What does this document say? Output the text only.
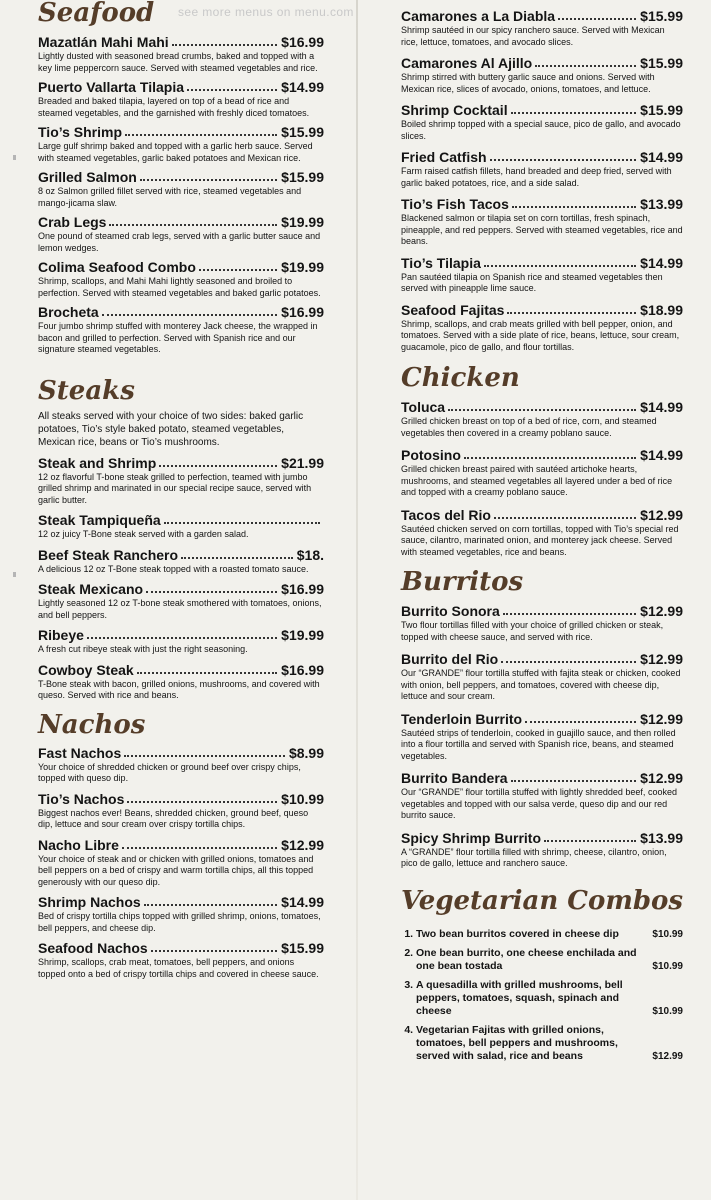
see more menus on menu.com
Seafood
Mazatlán Mahi Mahi	$16.99
Lightly dusted with seasoned bread crumbs, baked and topped with a key lime peppercorn sauce. Served with steamed vegetables and rice.
Puerto Vallarta Tilapia	$14.99
Breaded and baked tilapia, layered on top of a bead of rice and steamed vegetables, and the garnished with freshly diced tomatoes.
Tio’s Shrimp	$15.99
Large gulf shrimp baked and topped with a garlic herb sauce. Served with steamed vegetables, garlic baked potatoes and Mexican rice.
Grilled Salmon	$15.99
8 oz Salmon grilled fillet served with rice, steamed vegetables and mango-jicama slaw.
Crab Legs	$19.99
One pound of steamed crab legs, served with a garlic butter sauce and lemon wedges.
Colima Seafood Combo	$19.99
Shrimp, scallops, and Mahi Mahi lightly seasoned and broiled to perfection. Served with steamed vegetables and baked garlic potatoes.
Brocheta	$16.99
Four jumbo shrimp stuffed with monterey Jack cheese, the wrapped in bacon and grilled to perfection. Served with Spanish rice and our signature steamed vegetables.
Steaks
All steaks served with your choice of two sides: baked garlic potatoes, Tio’s style baked potato, steamed vegetables, Mexican rice, beans or Tio’s mushrooms.
Steak and Shrimp	$21.99
12 oz flavorful T-bone steak grilled to perfection, teamed with jumbo grilled shrimp and marinated in our special recipe sauce, served with garlic butter.
Steak Tampiqueña
12 oz juicy T-Bone steak served with a garden salad.
Beef Steak Ranchero	$18.
A delicious 12 oz T-Bone steak topped with a roasted tomato sauce.
Steak Mexicano	$16.99
Lightly seasoned 12 oz T-bone steak smothered with tomatoes, onions, and bell peppers.
Ribeye	$19.99
A fresh cut ribeye steak with just the right seasoning.
Cowboy Steak	$16.99
T-Bone steak with bacon, grilled onions, mushrooms, and covered with queso. Served with rice and beans.
Nachos
Fast Nachos	$8.99
Your choice of shredded chicken or ground beef over crispy chips, topped with queso dip.
Tio’s Nachos	$10.99
Biggest nachos ever! Beans, shredded chicken, ground beef, queso dip, lettuce and sour cream over crispy tortilla chips.
Nacho Libre	$12.99
Your choice of steak and or chicken with grilled onions, tomatoes and bell peppers on a bed of crispy and warm tortilla chips, all this topped generously with our queso dip.
Shrimp Nachos	$14.99
Bed of crispy tortilla chips topped with grilled shrimp, onions, tomatoes, bell peppers, and cheese dip.
Seafood Nachos	$15.99
Shrimp, scallops, crab meat, tomatoes, bell peppers, and onions topped onto a bed of crispy tortilla chips and covered in cheese sauce.
Camarones a La Diabla	$15.99
Shrimp sautéed in our spicy ranchero sauce. Served with Mexican rice, lettuce, tomatoes, and avocado slices.
Camarones Al Ajillo	$15.99
Shrimp stirred with buttery garlic sauce and onions. Served with Mexican rice, slices of avocado, onions, tomatoes, and lettuce.
Shrimp Cocktail	$15.99
Boiled shrimp topped with a special sauce, pico de gallo, and avocado slices.
Fried Catfish	$14.99
Farm raised catfish fillets, hand breaded and deep fried, served with garlic baked potatoes, rice, and a side salad.
Tio’s Fish Tacos	$13.99
Blackened salmon or tilapia set on corn tortillas, fresh spinach, pineapple, and red peppers. Served with steamed vegetables, rice and beans.
Tio’s Tilapia	$14.99
Pan sautéed tilapia on Spanish rice and steamed vegetables then served with pineapple lime sauce.
Seafood Fajitas	$18.99
Shrimp, scallops, and crab meats grilled with bell pepper, onion, and tomatoes. Served with a side plate of rice, beans, lettuce, sour cream, guacamole, pico de gallo, and flour tortillas.
Chicken
Toluca	$14.99
Grilled chicken breast on top of a bed of rice, corn, and steamed vegetables then covered in a creamy poblano sauce.
Potosino	$14.99
Grilled chicken breast paired with sautéed artichoke hearts, mushrooms, and steamed vegetables all layered under a bed of rice and topped with a creamy poblano sauce.
Tacos del Rio	$12.99
Sautéed chicken served on corn tortillas, topped with Tio’s special red sauce, cilantro, marinated onion, and monterey jack cheese. Served with steamed vegetables, rice and beans.
Burritos
Burrito Sonora	$12.99
Two flour tortillas filled with your choice of grilled chicken or steak, topped with cheese sauce, and served with rice.
Burrito del Rio	$12.99
Our “GRANDE” flour tortilla stuffed with fajita steak or chicken, cooked with onion, bell peppers, and tomatoes, covered with cheese dip, lettuce and sour cream.
Tenderloin Burrito	$12.99
Sautéed strips of tenderloin, cooked in guajillo sauce, and then rolled into a flour tortilla and served with Spanish rice, beans, and steamed vegetables.
Burrito Bandera	$12.99
Our “GRANDE” flour tortilla stuffed with lightly shredded beef, cooked vegetables and topped with our salsa verde, queso dip and our red burrito sauce.
Spicy Shrimp Burrito	$13.99
A “GRANDE” flour tortilla filled with shrimp, cheese, cilantro, onion, pico de gallo, lettuce and ranchero sauce.
Vegetarian Combos
1. Two bean burritos covered in cheese dip	$10.99
2. One bean burrito, one cheese enchilada and one bean tostada	$10.99
3. A quesadilla with grilled mushrooms, bell peppers, tomatoes, squash, spinach and cheese	$10.99
4. Vegetarian Fajitas with grilled onions, tomatoes, bell peppers and mushrooms, served with salad, rice and beans	$12.99
